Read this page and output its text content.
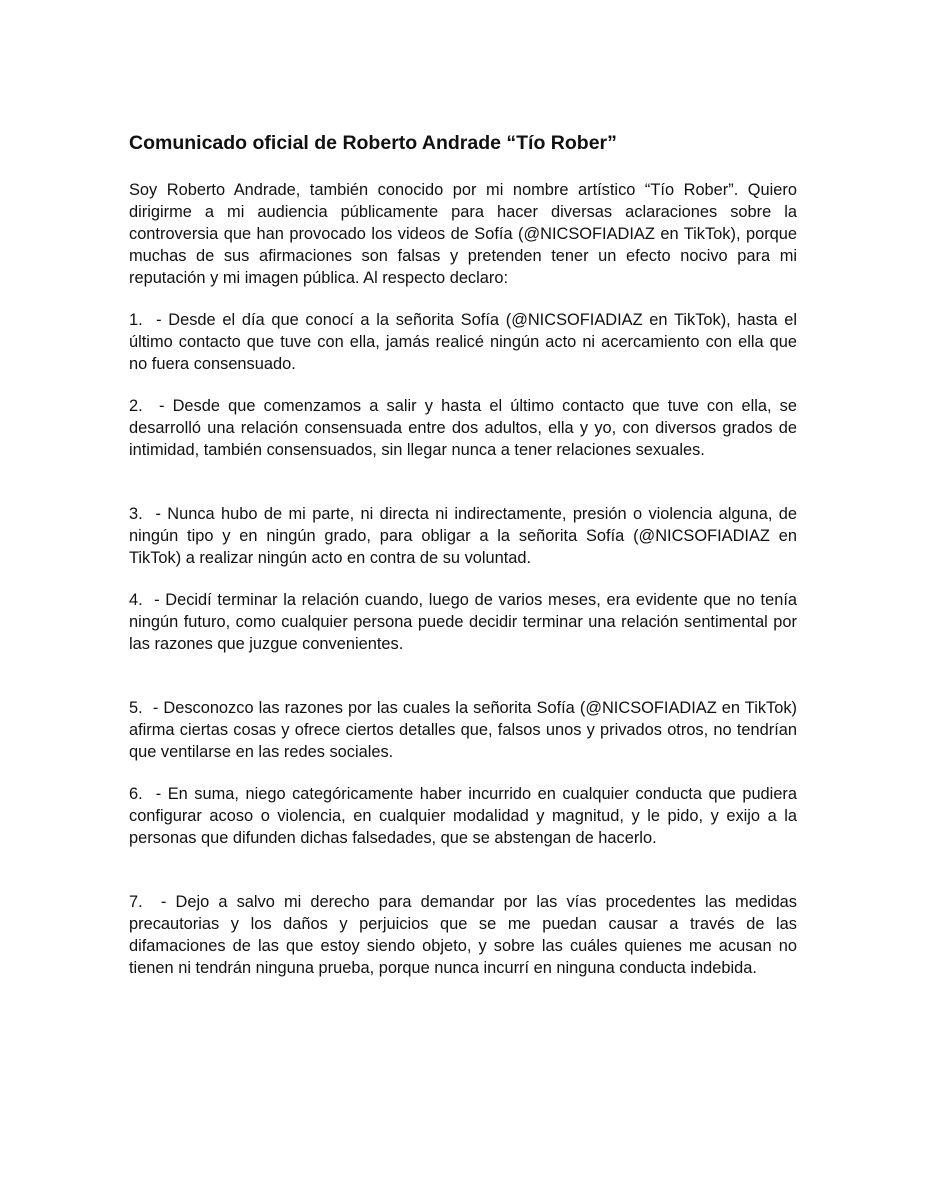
Comunicado oficial de Roberto Andrade “Tío Rober”

Soy Roberto Andrade, también conocido por mi nombre artístico “Tío Rober”. Quiero dirigirme a mi audiencia públicamente para hacer diversas aclaraciones sobre la controversia que han provocado los videos de Sofía (@NICSOFIADIAZ en TikTok), porque muchas de sus afirmaciones son falsas y pretenden tener un efecto nocivo para mi reputación y mi imagen pública. Al respecto declaro:

1. - Desde el día que conocí a la señorita Sofía (@NICSOFIADIAZ en TikTok), hasta el último contacto que tuve con ella, jamás realicé ningún acto ni acercamiento con ella que no fuera consensuado.

2. - Desde que comenzamos a salir y hasta el último contacto que tuve con ella, se desarrolló una relación consensuada entre dos adultos, ella y yo, con diversos grados de intimidad, también consensuados, sin llegar nunca a tener relaciones sexuales.

3. - Nunca hubo de mi parte, ni directa ni indirectamente, presión o violencia alguna, de ningún tipo y en ningún grado, para obligar a la señorita Sofía (@NICSOFIADIAZ en TikTok) a realizar ningún acto en contra de su voluntad.

4. - Decidí terminar la relación cuando, luego de varios meses, era evidente que no tenía ningún futuro, como cualquier persona puede decidir terminar una relación sentimental por las razones que juzgue convenientes.

5. - Desconozco las razones por las cuales la señorita Sofía (@NICSOFIADIAZ en TikTok) afirma ciertas cosas y ofrece ciertos detalles que, falsos unos y privados otros, no tendrían que ventilarse en las redes sociales.

6. - En suma, niego categóricamente haber incurrido en cualquier conducta que pudiera configurar acoso o violencia, en cualquier modalidad y magnitud, y le pido, y exijo a la personas que difunden dichas falsedades, que se abstengan de hacerlo.

7. - Dejo a salvo mi derecho para demandar por las vías procedentes las medidas precautorias y los daños y perjuicios que se me puedan causar a través de las difamaciones de las que estoy siendo objeto, y sobre las cuáles quienes me acusan no tienen ni tendrán ninguna prueba, porque nunca incurrí en ninguna conducta indebida.
